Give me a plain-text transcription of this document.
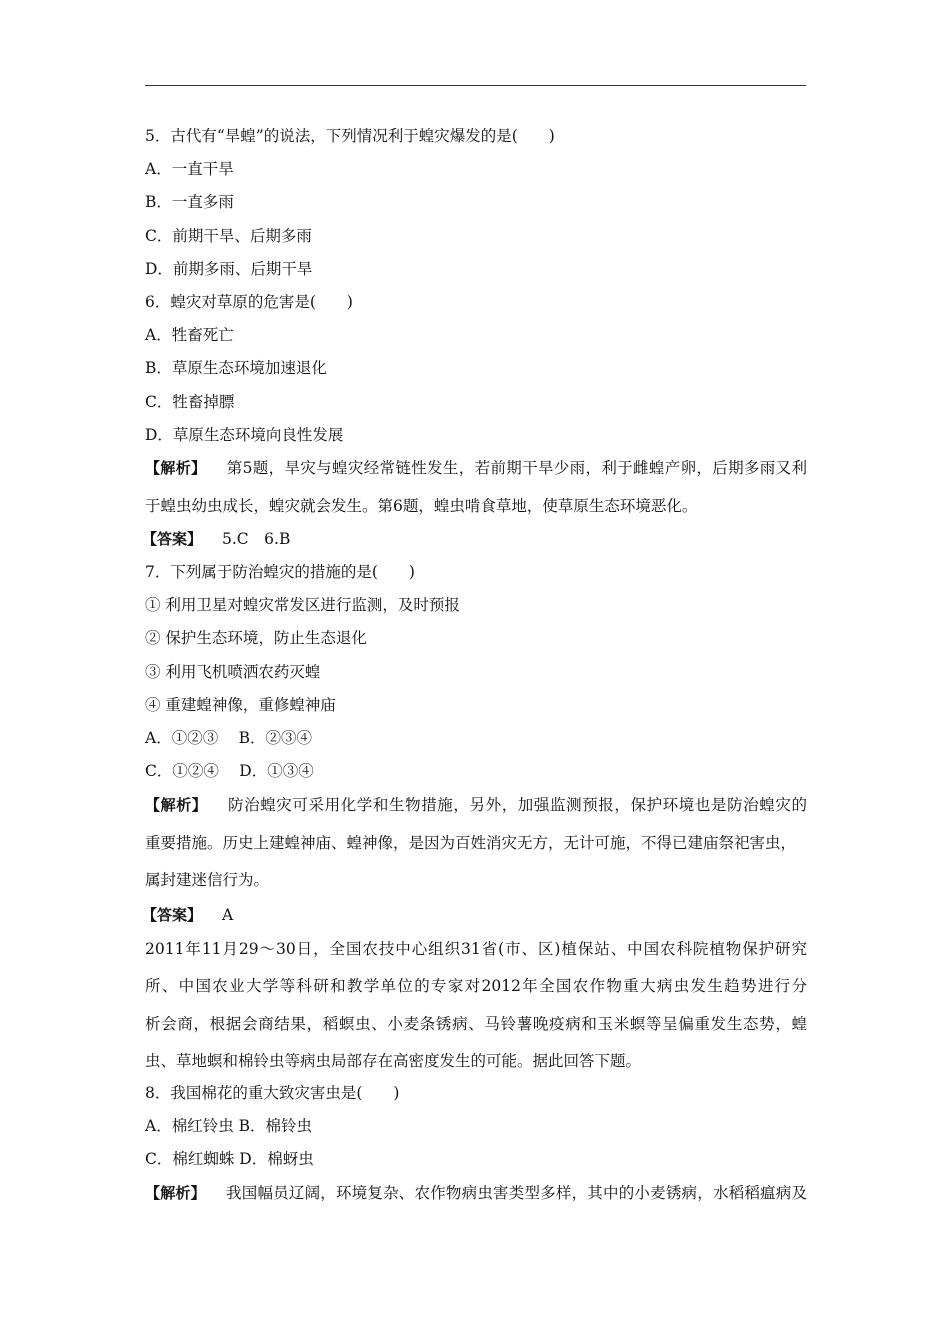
5．古代有“旱蝗”的说法，下列情况利于蝗灾爆发的是(　　)
A．一直干旱
B．一直多雨
C．前期干旱、后期多雨
D．前期多雨、后期干旱
6．蝗灾对草原的危害是(　　)
A．牲畜死亡
B．草原生态环境加速退化
C．牲畜掉膘
D．草原生态环境向良性发展
【解析】 第5题，旱灾与蝗灾经常链性发生，若前期干旱少雨，利于雌蝗产卵，后期多雨又利
于蝗虫幼虫成长，蝗灾就会发生。第6题，蝗虫啃食草地，使草原生态环境恶化。
【答案】 5.C　6.B
7．下列属于防治蝗灾的措施的是(　　)
① 利用卫星对蝗灾常发区进行监测，及时预报
② 保护生态环境，防止生态退化
③ 利用飞机喷洒农药灭蝗
④ 重建蝗神像，重修蝗神庙
A．①②③　 B．②③④
C．①②④　 D．①③④
【解析】 防治蝗灾可采用化学和生物措施，另外，加强监测预报，保护环境也是防治蝗灾的
重要措施。历史上建蝗神庙、蝗神像，是因为百姓消灾无方，无计可施，不得已建庙祭祀害虫，
属封建迷信行为。
【答案】 A
2011年11月29～30日，全国农技中心组织31省(市、区)植保站、中国农科院植物保护研究
所、中国农业大学等科研和教学单位的专家对2012年全国农作物重大病虫发生趋势进行分
析会商，根据会商结果，稻螟虫、小麦条锈病、马铃薯晚疫病和玉米螟等呈偏重发生态势，蝗
虫、草地螟和棉铃虫等病虫局部存在高密度发生的可能。据此回答下题。
8．我国棉花的重大致灾害虫是(　　)
A．棉红铃虫 B．棉铃虫
C．棉红蜘蛛 D．棉蚜虫
【解析】 我国幅员辽阔，环境复杂、农作物病虫害类型多样，其中的小麦锈病，水稻稻瘟病及
